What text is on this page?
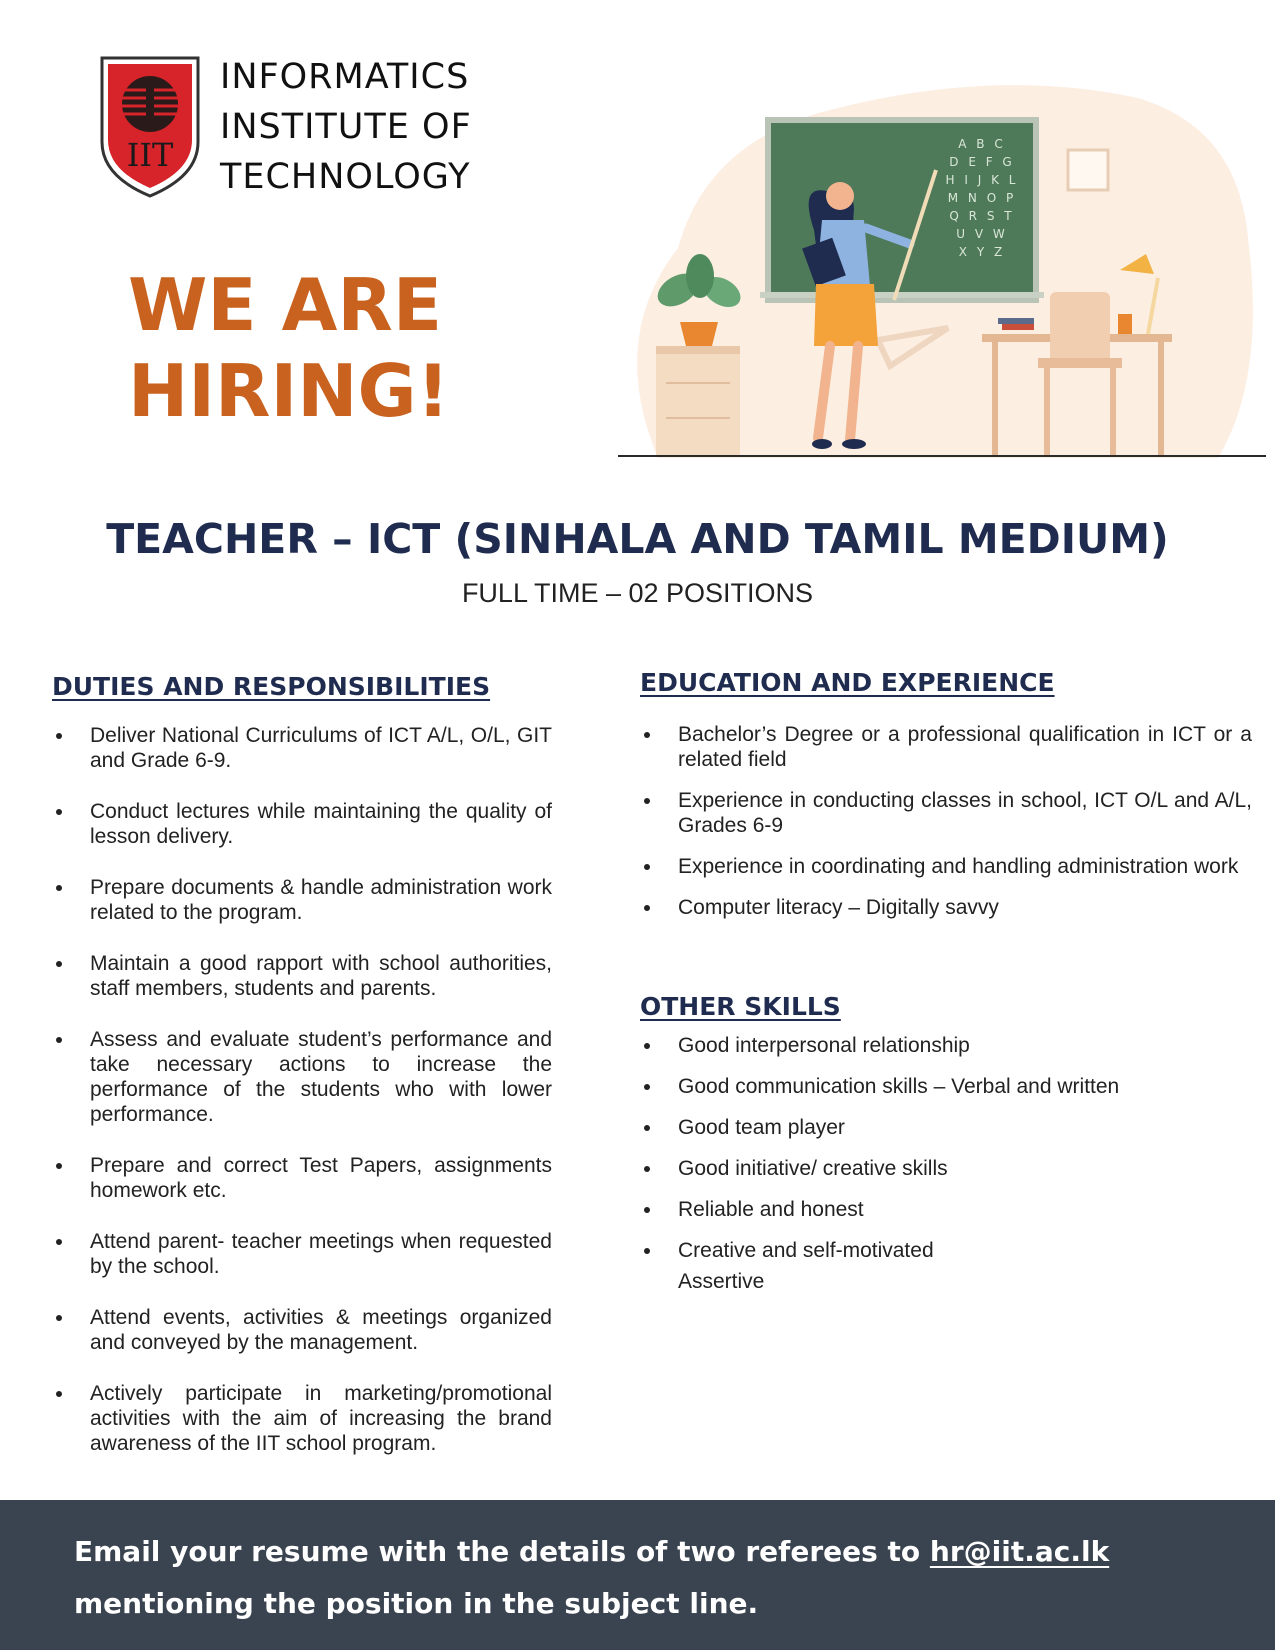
IIT
INFORMATICS
INSTITUTE OF
TECHNOLOGY
WE ARE
HIRING!
A B C
D E F G
H I J K L
M N O P
Q R S T
U V W
X Y Z
TEACHER – ICT (SINHALA AND TAMIL MEDIUM)
FULL TIME – 02 POSITIONS
DUTIES AND RESPONSIBILITIES
Deliver National Curriculums of ICT A/L, O/L, GIT and Grade 6-9.
Conduct lectures while maintaining the quality of lesson delivery.
Prepare documents & handle administration work related to the program.
Maintain a good rapport with school authorities, staff members, students and parents.
Assess and evaluate student’s performance and take necessary actions to increase the performance of the students who with lower performance.
Prepare and correct Test Papers, assignments homework etc.
Attend parent- teacher meetings when requested by the school.
Attend events, activities & meetings organized and conveyed by the management.
Actively participate in marketing/promotional activities with the aim of increasing the brand awareness of the IIT school program.
EDUCATION AND EXPERIENCE
Bachelor’s Degree or a professional qualification in ICT or a related field
Experience in conducting classes in school, ICT O/L and A/L, Grades 6-9
Experience in coordinating and handling administration work
Computer literacy – Digitally savvy
OTHER SKILLS
Good interpersonal relationship
Good communication skills – Verbal and written
Good team player
Good initiative/ creative skills
Reliable and honest
Creative and self-motivated
Assertive
Email your resume with the details of two referees to hr@iit.ac.lk mentioning the position in the subject line.
